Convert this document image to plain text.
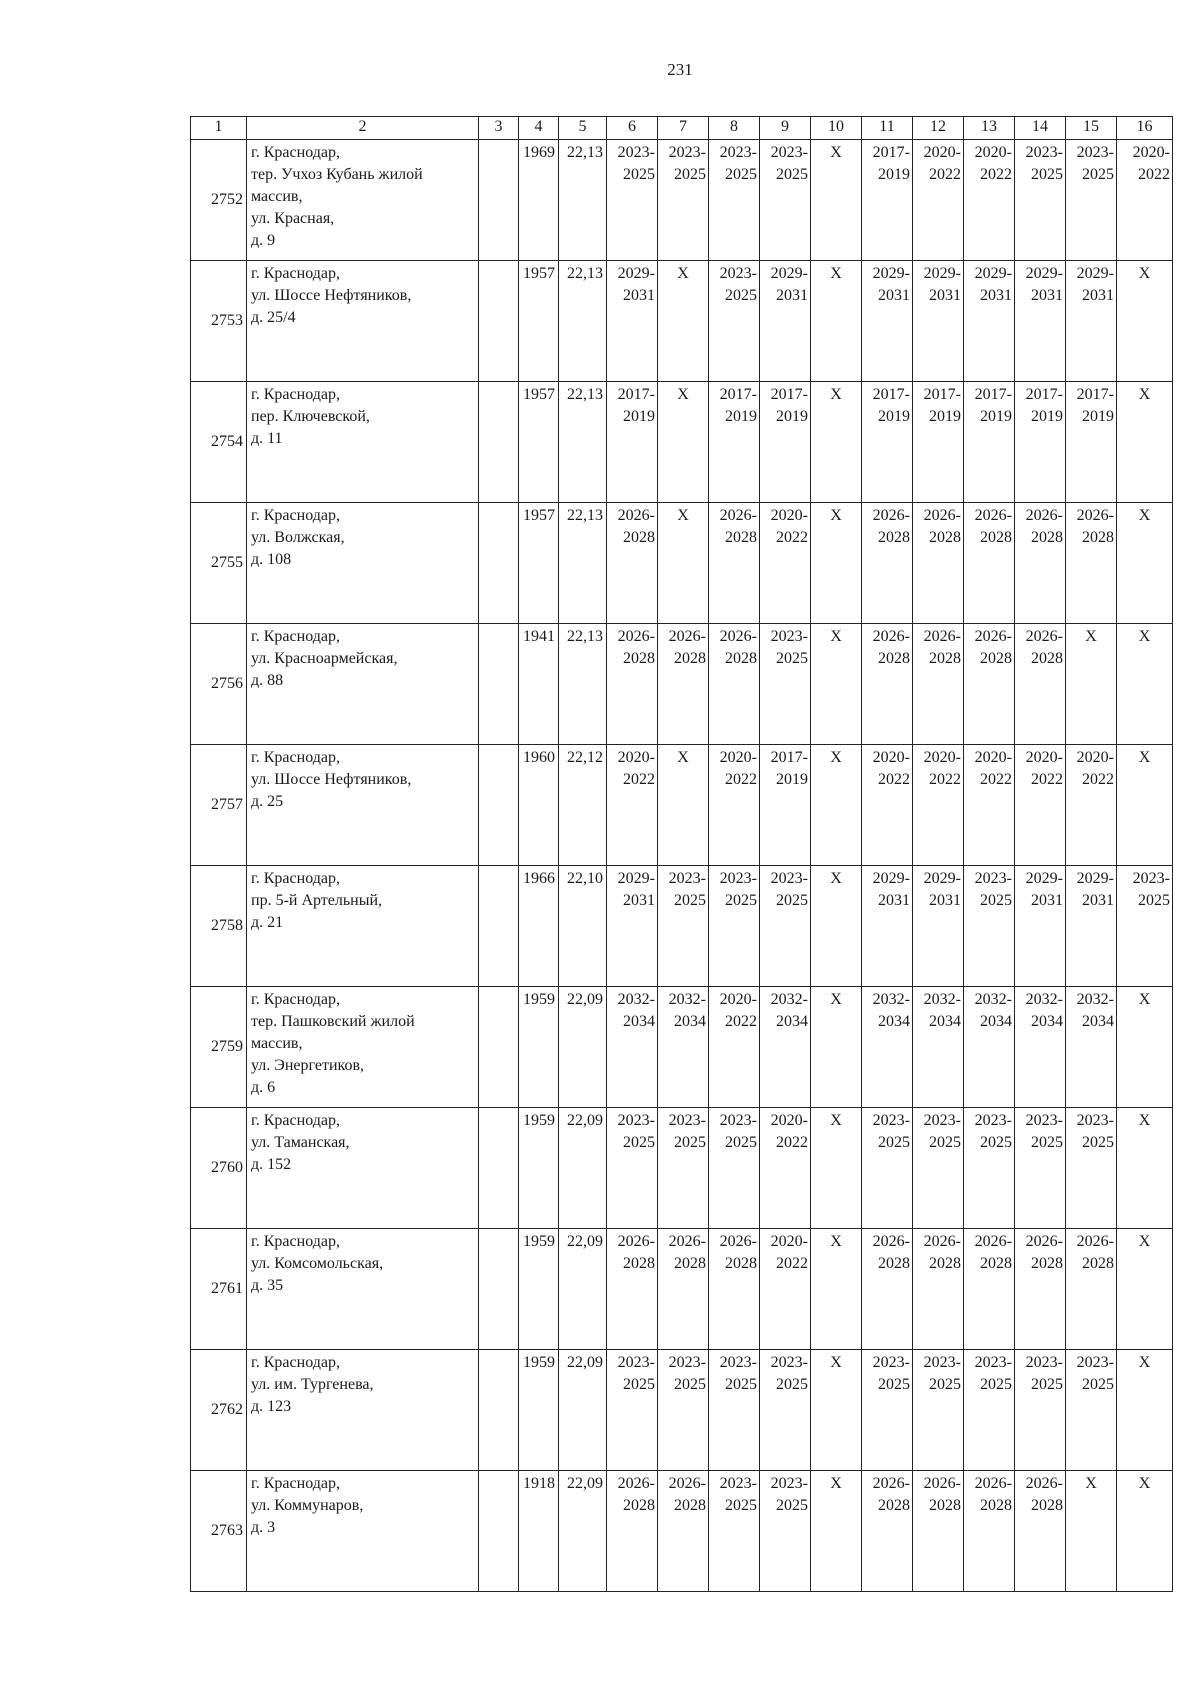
231
1	2	3	4	5	6	7	8	9	10	11	12	13	14	15	16
2752	г. Краснодар,
тер. Учхоз Кубань жилой
массив,
ул. Красная,
д. 9		1969	22,13	2023-
2025	2023-
2025	2023-
2025	2023-
2025	X	2017-
2019	2020-
2022	2020-
2022	2023-
2025	2023-
2025	2020-
2022

2753	г. Краснодар,
ул. Шоссе Нефтяников,
д. 25/4		1957	22,13	2029-
2031	X	2023-
2025	2029-
2031	X	2029-
2031	2029-
2031	2029-
2031	2029-
2031	2029-
2031	X
2754	г. Краснодар,
пер. Ключевской,
д. 11		1957	22,13	2017-
2019	X	2017-
2019	2017-
2019	X	2017-
2019	2017-
2019	2017-
2019	2017-
2019	2017-
2019	X
2755	г. Краснодар,
ул. Волжская,
д. 108		1957	22,13	2026-
2028	X	2026-
2028	2020-
2022	X	2026-
2028	2026-
2028	2026-
2028	2026-
2028	2026-
2028	X
2756	г. Краснодар,
ул. Красноармейская,
д. 88		1941	22,13	2026-
2028	2026-
2028	2026-
2028	2023-
2025	X	2026-
2028	2026-
2028	2026-
2028	2026-
2028	X	X
2757	г. Краснодар,
ул. Шоссе Нефтяников,
д. 25		1960	22,12	2020-
2022	X	2020-
2022	2017-
2019	X	2020-
2022	2020-
2022	2020-
2022	2020-
2022	2020-
2022	X
2758	г. Краснодар,
пр. 5-й Артельный,
д. 21		1966	22,10	2029-
2031	2023-
2025	2023-
2025	2023-
2025	X	2029-
2031	2029-
2031	2023-
2025	2029-
2031	2029-
2031	2023-
2025

2759	г. Краснодар,
тер. Пашковский жилой
массив,
ул. Энергетиков,
д. 6		1959	22,09	2032-
2034	2032-
2034	2020-
2022	2032-
2034	X	2032-
2034	2032-
2034	2032-
2034	2032-
2034	2032-
2034	X
2760	г. Краснодар,
ул. Таманская,
д. 152		1959	22,09	2023-
2025	2023-
2025	2023-
2025	2020-
2022	X	2023-
2025	2023-
2025	2023-
2025	2023-
2025	2023-
2025	X
2761	г. Краснодар,
ул. Комсомольская,
д. 35		1959	22,09	2026-
2028	2026-
2028	2026-
2028	2020-
2022	X	2026-
2028	2026-
2028	2026-
2028	2026-
2028	2026-
2028	X
2762	г. Краснодар,
ул. им. Тургенева,
д. 123		1959	22,09	2023-
2025	2023-
2025	2023-
2025	2023-
2025	X	2023-
2025	2023-
2025	2023-
2025	2023-
2025	2023-
2025	X
2763	г. Краснодар,
ул. Коммунаров,
д. 3		1918	22,09	2026-
2028	2026-
2028	2023-
2025	2023-
2025	X	2026-
2028	2026-
2028	2026-
2028	2026-
2028	X	X
